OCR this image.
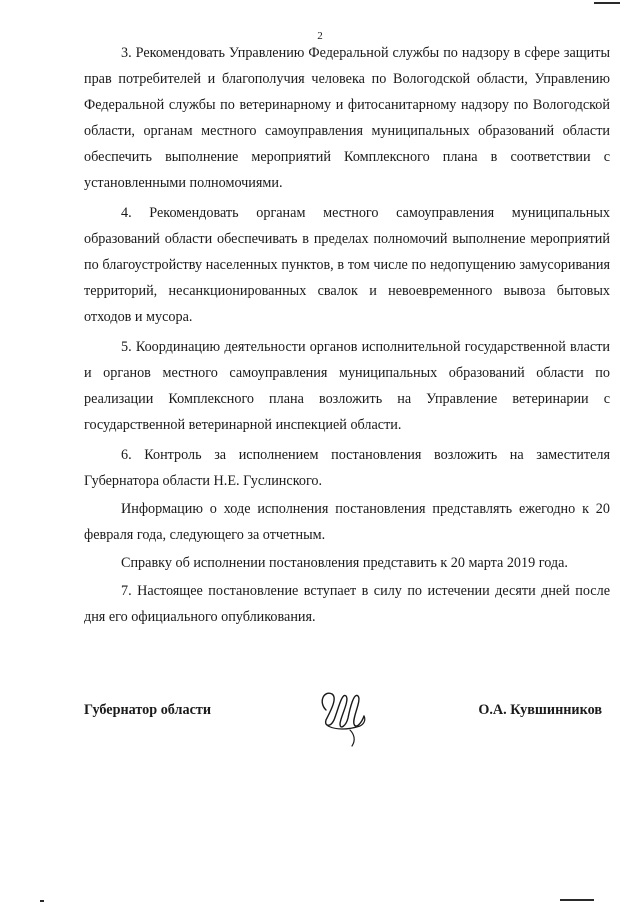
2

3. Рекомендовать Управлению Федеральной службы по надзору в сфере защиты прав потребителей и благополучия человека по Вологодской области, Управлению Федеральной службы по ветеринарному и фитосанитарному надзору по Вологодской области, органам местного самоуправления муниципальных образований области обеспечить выполнение мероприятий Комплексного плана в соответствии с установленными полномочиями.

4. Рекомендовать органам местного самоуправления муниципальных образований области обеспечивать в пределах полномочий выполнение мероприятий по благоустройству населенных пунктов, в том числе по недопущению замусоривания территорий, несанкционированных свалок и невоевременного вывоза бытовых отходов и мусора.

5. Координацию деятельности органов исполнительной государственной власти и органов местного самоуправления муниципальных образований области по реализации Комплексного плана возложить на Управление ветеринарии с государственной ветеринарной инспекцией области.

6. Контроль за исполнением постановления возложить на заместителя Губернатора области Н.Е. Гуслинского.

Информацию о ходе исполнения постановления представлять ежегодно к 20 февраля года, следующего за отчетным.

Справку об исполнении постановления представить к 20 марта 2019 года.

7. Настоящее постановление вступает в силу по истечении десяти дней после дня его официального опубликования.

Губернатор области	О.А. Кувшинников
